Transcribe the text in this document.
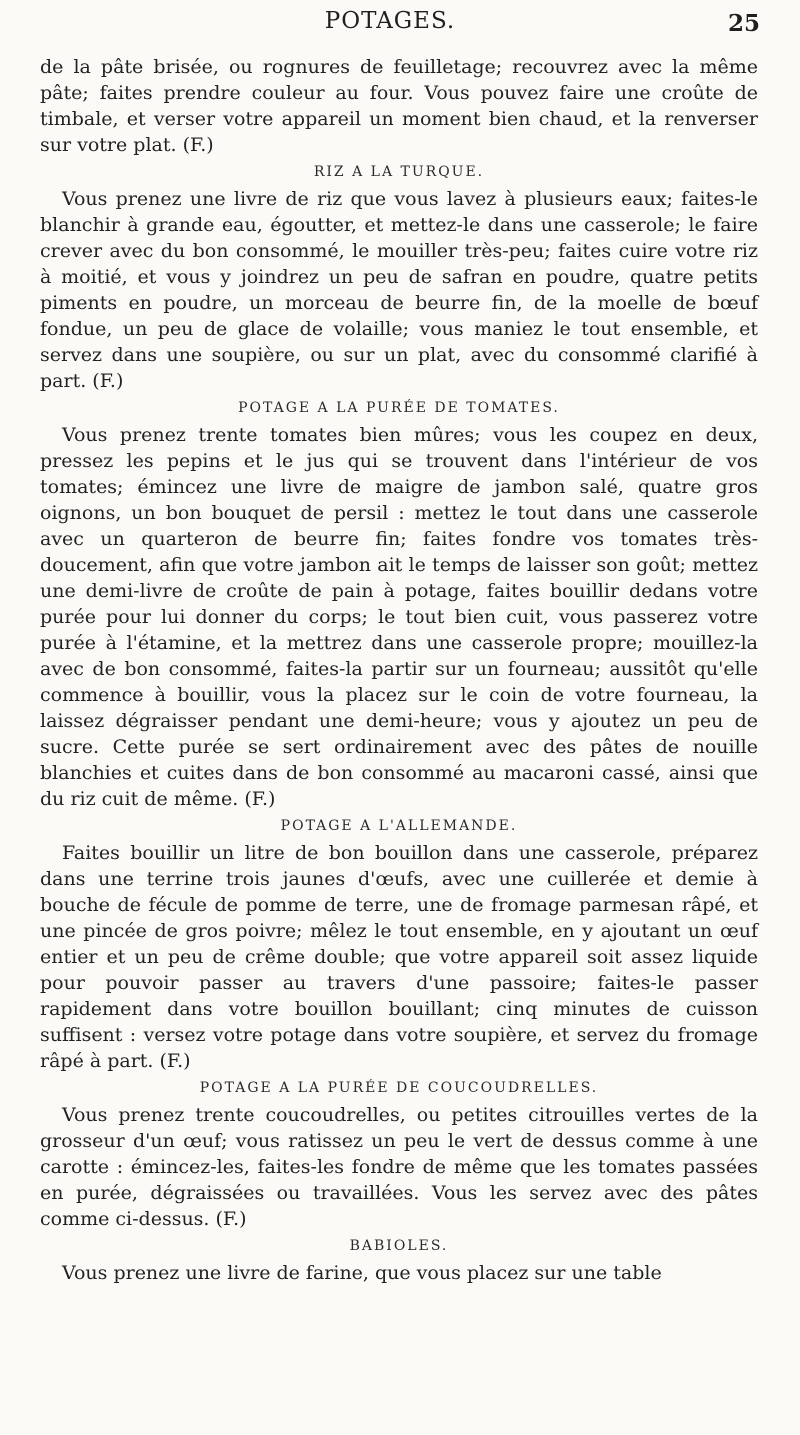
POTAGES.	25

de la pâte brisée, ou rognures de feuilletage; recouvrez avec la même pâte; faites prendre couleur au four. Vous pouvez faire une croûte de timbale, et verser votre appareil un moment bien chaud, et la renverser sur votre plat. (F.)

RIZ A LA TURQUE.

Vous prenez une livre de riz que vous lavez à plusieurs eaux; faites-le blanchir à grande eau, égoutter, et mettez-le dans une casserole; le faire crever avec du bon consommé, le mouiller très-peu; faites cuire votre riz à moitié, et vous y joindrez un peu de safran en poudre, quatre petits piments en poudre, un morceau de beurre fin, de la moelle de bœuf fondue, un peu de glace de volaille; vous maniez le tout ensemble, et servez dans une soupière, ou sur un plat, avec du consommé clarifié à part. (F.)

POTAGE A LA PURÉE DE TOMATES.

Vous prenez trente tomates bien mûres; vous les coupez en deux, pressez les pepins et le jus qui se trouvent dans l'intérieur de vos tomates; émincez une livre de maigre de jambon salé, quatre gros oignons, un bon bouquet de persil : mettez le tout dans une casserole avec un quarteron de beurre fin; faites fondre vos tomates très-doucement, afin que votre jambon ait le temps de laisser son goût; mettez une demi-livre de croûte de pain à potage, faites bouillir dedans votre purée pour lui donner du corps; le tout bien cuit, vous passerez votre purée à l'étamine, et la mettrez dans une casserole propre; mouillez-la avec de bon consommé, faites-la partir sur un fourneau; aussitôt qu'elle commence à bouillir, vous la placez sur le coin de votre fourneau, la laissez dégraisser pendant une demi-heure; vous y ajoutez un peu de sucre. Cette purée se sert ordinairement avec des pâtes de nouille blanchies et cuites dans de bon consommé au macaroni cassé, ainsi que du riz cuit de même. (F.)

POTAGE A L'ALLEMANDE.

Faites bouillir un litre de bon bouillon dans une casserole, préparez dans une terrine trois jaunes d'œufs, avec une cuillerée et demie à bouche de fécule de pomme de terre, une de fromage parmesan râpé, et une pincée de gros poivre; mêlez le tout ensemble, en y ajoutant un œuf entier et un peu de crême double; que votre appareil soit assez liquide pour pouvoir passer au travers d'une passoire; faites-le passer rapidement dans votre bouillon bouillant; cinq minutes de cuisson suffisent : versez votre potage dans votre soupière, et servez du fromage râpé à part. (F.)

POTAGE A LA PURÉE DE COUCOUDRELLES.

Vous prenez trente coucoudrelles, ou petites citrouilles vertes de la grosseur d'un œuf; vous ratissez un peu le vert de dessus comme à une carotte : émincez-les, faites-les fondre de même que les tomates passées en purée, dégraissées ou travaillées. Vous les servez avec des pâtes comme ci-dessus. (F.)

BABIOLES.

Vous prenez une livre de farine, que vous placez sur une table
